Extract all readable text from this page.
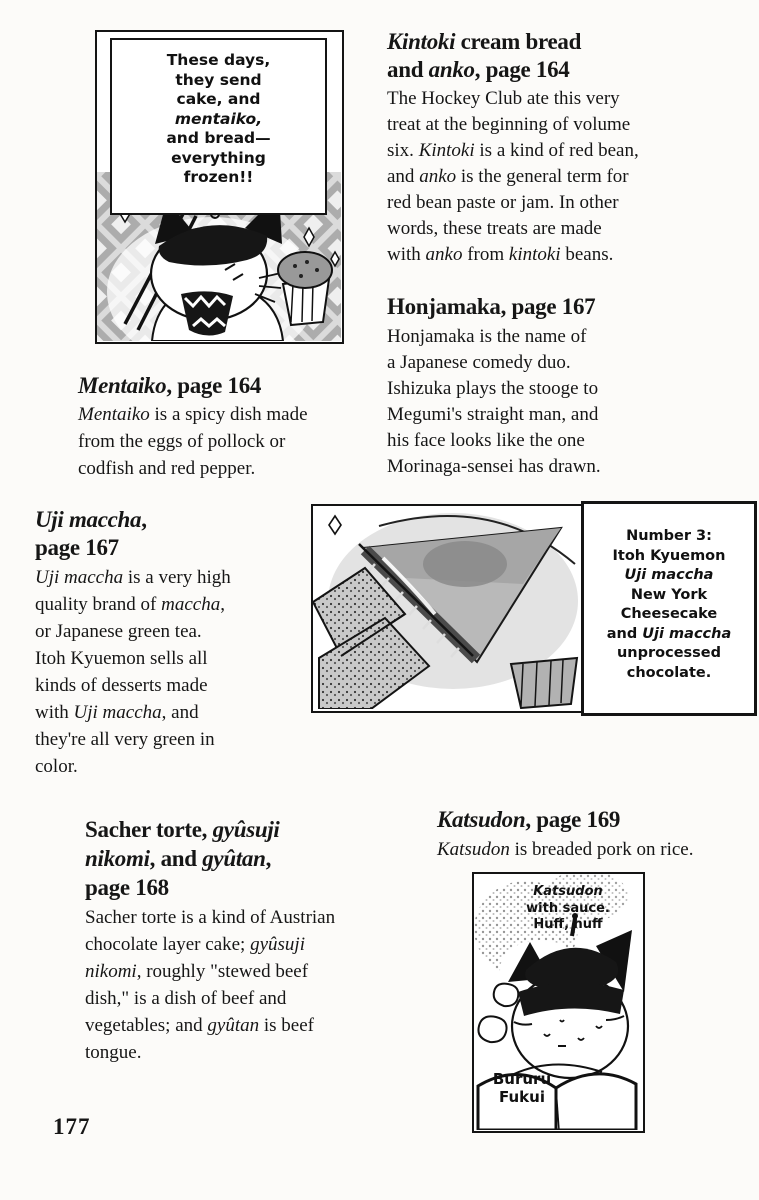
These days,
they send
cake, and
mentaiko,
and bread—
everything
frozen!!
Mentaiko, page 164
Mentaiko is a spicy dish made
from the eggs of pollock or
codfish and red pepper.
Kintoki cream bread
and anko, page 164
The Hockey Club ate this very
treat at the beginning of volume
six. Kintoki is a kind of red bean,
and anko is the general term for
red bean paste or jam. In other
words, these treats are made
with anko from kintoki beans.
Honjamaka, page 167
Honjamaka is the name of
a Japanese comedy duo.
Ishizuka plays the stooge to
Megumi's straight man, and
his face looks like the one
Morinaga-sensei has drawn.
Uji maccha,
page 167
Uji maccha is a very high
quality brand of maccha,
or Japanese green tea.
Itoh Kyuemon sells all
kinds of desserts made
with Uji maccha, and
they're all very green in
color.
Number 3:
Itoh Kyuemon
Uji maccha
New York
Cheesecake
and Uji maccha
unprocessed
chocolate.
Sacher torte, gyûsuji
nikomi, and gyûtan,
page 168
Sacher torte is a kind of Austrian
chocolate layer cake; gyûsuji
nikomi, roughly "stewed beef
dish," is a dish of beef and
vegetables; and gyûtan is beef
tongue.
Katsudon, page 169
Katsudon is breaded pork on rice.
Katsudon
with sauce.
Huff, huff
Bururu
Fukui
177
